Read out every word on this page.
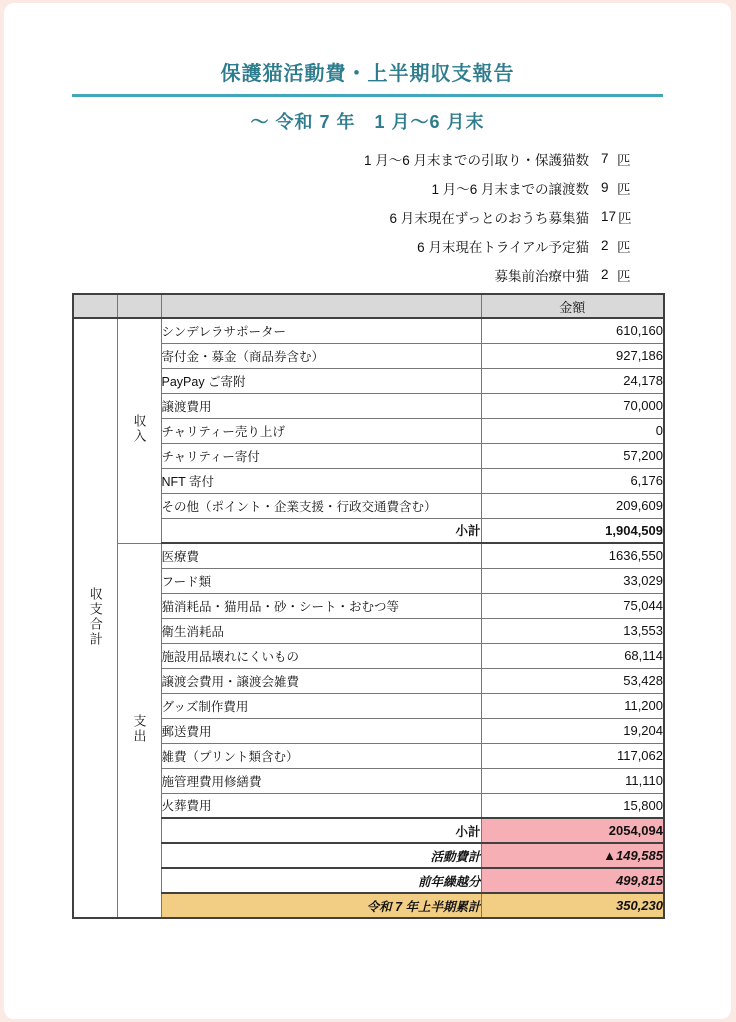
保護猫活動費・上半期収支報告
～ 令和 7 年　1 月～6 月末
1 月～6 月末までの引取り・保護猫数 7 匹
1 月～6 月末までの譲渡数 9 匹
6 月末現在ずっとのおうち募集猫 17 匹
6 月末現在トライアル予定猫 2 匹
募集前治療中猫 2 匹
			金額
収支合計	収入	シンデレラサポーター	610,160
		寄付金・募金（商品券含む）	927,186
		PayPay ご寄附	24,178
		譲渡費用	70,000
		チャリティー売り上げ	0
		チャリティー寄付	57,200
		NFT 寄付	6,176
		その他（ポイント・企業支援・行政交通費含む）	209,609
		小計	1,904,509
	支出	医療費	1636,550
		フード類	33,029
		猫消耗品・猫用品・砂・シート・おむつ等	75,044
		衛生消耗品	13,553
		施設用品壊れにくいもの	68,114
		譲渡会費用・譲渡会雑費	53,428
		グッズ制作費用	11,200
		郵送費用	19,204
		雑費（プリント類含む）	117,062
		施管理費用修繕費	11,110
		火葬費用	15,800
		小計	2054,094
		活動費計	▲149,585
		前年繰越分	499,815
		令和 7 年上半期累計	350,230
